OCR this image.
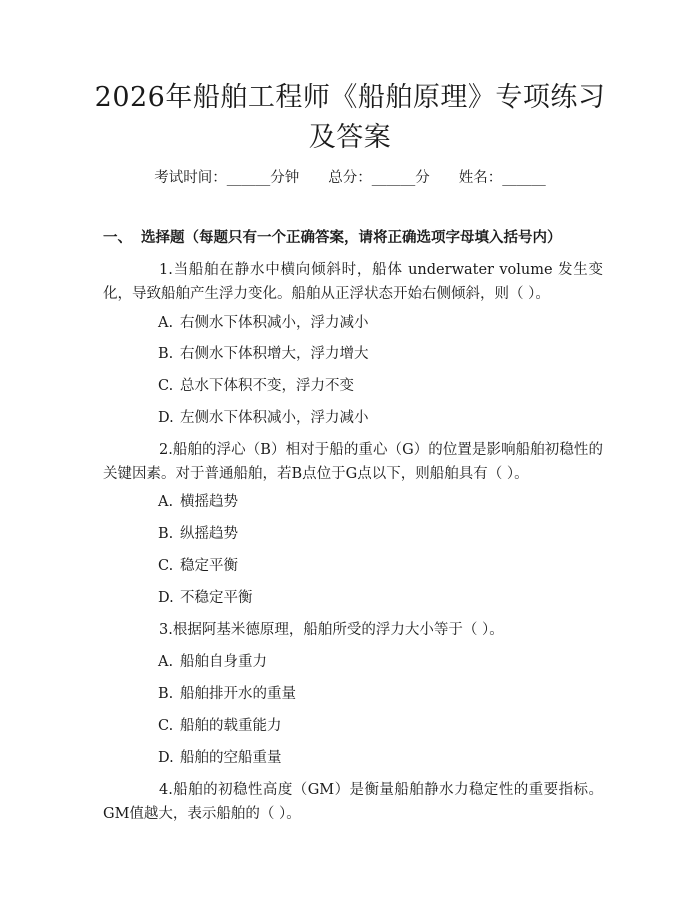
2026年船舶工程师《船舶原理》专项练习及答案
考试时间：______分钟　　总分：______分　　姓名：______
一、 选择题（每题只有一个正确答案，请将正确选项字母填入括号内）
1.当船舶在静水中横向倾斜时，船体 underwater volume 发生变化，导致船舶产生浮力变化。船舶从正浮状态开始右侧倾斜，则（ ）。
A. 右侧水下体积减小，浮力减小
B. 右侧水下体积增大，浮力增大
C. 总水下体积不变，浮力不变
D. 左侧水下体积减小，浮力减小
2.船舶的浮心（B）相对于船的重心（G）的位置是影响船舶初稳性的关键因素。对于普通船舶，若B点位于G点以下，则船舶具有（ ）。
A. 横摇趋势
B. 纵摇趋势
C. 稳定平衡
D. 不稳定平衡
3.根据阿基米德原理，船舶所受的浮力大小等于（ ）。
A. 船舶自身重力
B. 船舶排开水的重量
C. 船舶的载重能力
D. 船舶的空船重量
4.船舶的初稳性高度（GM）是衡量船舶静水力稳定性的重要指标。GM值越大，表示船舶的（ ）。
